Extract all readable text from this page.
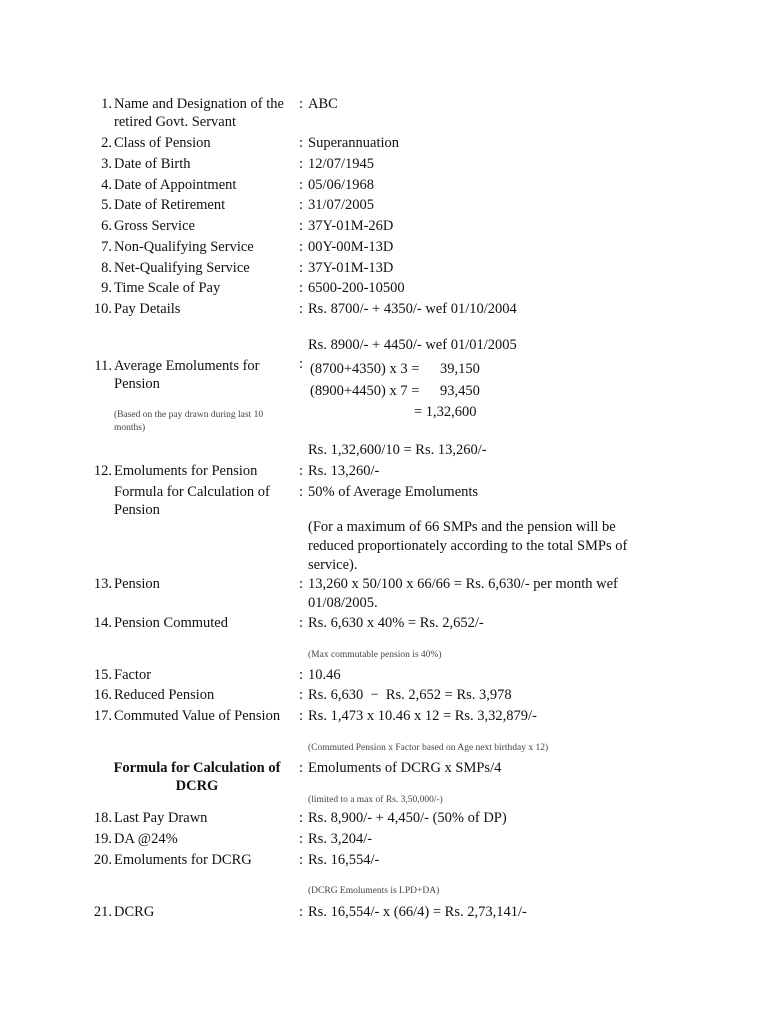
1. Name and Designation of the
retired Govt. Servant
: ABC
2. Class of Pension	: Superannuation
3. Date of Birth	: 12/07/1945
4. Date of Appointment	: 05/06/1968
5. Date of Retirement	: 31/07/2005
6. Gross Service	: 37Y-01M-26D
7. Non-Qualifying Service	: 00Y-00M-13D
8. Net-Qualifying Service	: 37Y-01M-13D
9. Time Scale of Pay	: 6500-200-10500
10. Pay Details	: Rs. 8700/- + 4350/- wef 01/10/2004
Rs. 8900/- + 4450/- wef 01/01/2005
11. Average Emoluments for
Pension
(Based on the pay drawn during last 10
months)
: (8700+4350) x 3 = 39,150
(8900+4450) x 7 = 93,450
= 1,32,600
Rs. 1,32,600/10 = Rs. 13,260/-
12. Emoluments for Pension	: Rs. 13,260/-
Formula for Calculation of
Pension
: 50% of Average Emoluments
(For a maximum of 66 SMPs and the pension will be
reduced proportionately according to the total SMPs of
service).
13. Pension	: 13,260 x 50/100 x 66/66 = Rs. 6,630/- per month wef
01/08/2005.
14. Pension Commuted	: Rs. 6,630 x 40% = Rs. 2,652/-
(Max commutable pension is 40%)
15. Factor	: 10.46
16. Reduced Pension	: Rs. 6,630  −  Rs. 2,652 = Rs. 3,978
17. Commuted Value of Pension : Rs. 1,473 x 10.46 x 12 = Rs. 3,32,879/-
(Commuted Pension x Factor based on Age next birthday x 12)
Formula for Calculation of
DCRG
: Emoluments of DCRG x SMPs/4
(limited to a max of Rs. 3,50,000/-)
18. Last Pay Drawn	: Rs. 8,900/- + 4,450/- (50% of DP)
19. DA @24%	: Rs. 3,204/-
20. Emoluments for DCRG	: Rs. 16,554/-
(DCRG Emoluments is LPD+DA)
21. DCRG	: Rs. 16,554/- x (66/4) = Rs. 2,73,141/-
